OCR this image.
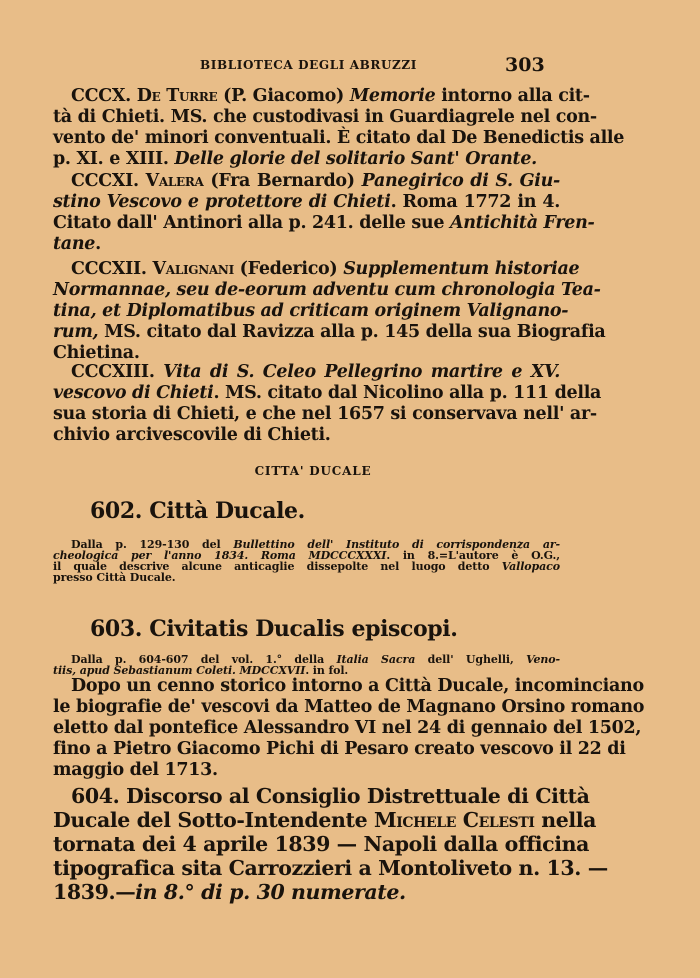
BIBLIOTECA DEGLI ABRUZZI	303
CCCX. De Turre (P. Giacomo) Memorie intorno alla cit-
tà di Chieti. MS. che custodivasi in Guardiagrele nel con-
vento de' minori conventuali. È citato dal De Benedictis alle
p. XI. e XIII. Delle glorie del solitario Sant' Orante.
CCCXI. Valera (Fra Bernardo) Panegirico di S. Giu-
stino Vescovo e protettore di Chieti. Roma 1772 in 4.
Citato dall' Antinori alla p. 241. delle sue Antichità Fren-
tane.
CCCXII. Valignani (Federico) Supplementum historiae
Normannae, seu de-eorum adventu cum chronologia Tea-
tina, et Diplomatibus ad criticam originem Valignano-
rum, MS. citato dal Ravizza alla p. 145 della sua Biografia
Chietina.
CCCXIII. Vita di S. Celeo Pellegrino martire e XV.
vescovo di Chieti. MS. citato dal Nicolino alla p. 111 della
sua storia di Chieti, e che nel 1657 si conservava nell' ar-
chivio arcivescovile di Chieti.
CITTA' DUCALE
602. Città Ducale.
Dalla p. 129-130 del Bullettino dell' Instituto di corrispondenza ar-
cheologica per l'anno 1834. Roma MDCCCXXXI. in 8.=L'autore è O.G.,
il quale descrive alcune anticaglie dissepolte nel luogo detto Vallopaco
presso Città Ducale.
603. Civitatis Ducalis episcopi.
Dalla p. 604-607 del vol. 1.° della Italia Sacra dell' Ughelli, Veno-
tiis, apud Sebastianum Coleti. MDCCXVII. in fol.
Dopo un cenno storico intorno a Città Ducale, incominciano
le biografie de' vescovi da Matteo de Magnano Orsino romano
eletto dal pontefice Alessandro VI nel 24 di gennaio del 1502,
fino a Pietro Giacomo Pichi di Pesaro creato vescovo il 22 di
maggio del 1713.
604. Discorso al Consiglio Distrettuale di Città
Ducale del Sotto-Intendente Michele Celesti nella
tornata dei 4 aprile 1839 — Napoli dalla officina
tipografica sita Carrozzieri a Montoliveto n. 13. —
1839.—in 8.° di p. 30 numerate.
